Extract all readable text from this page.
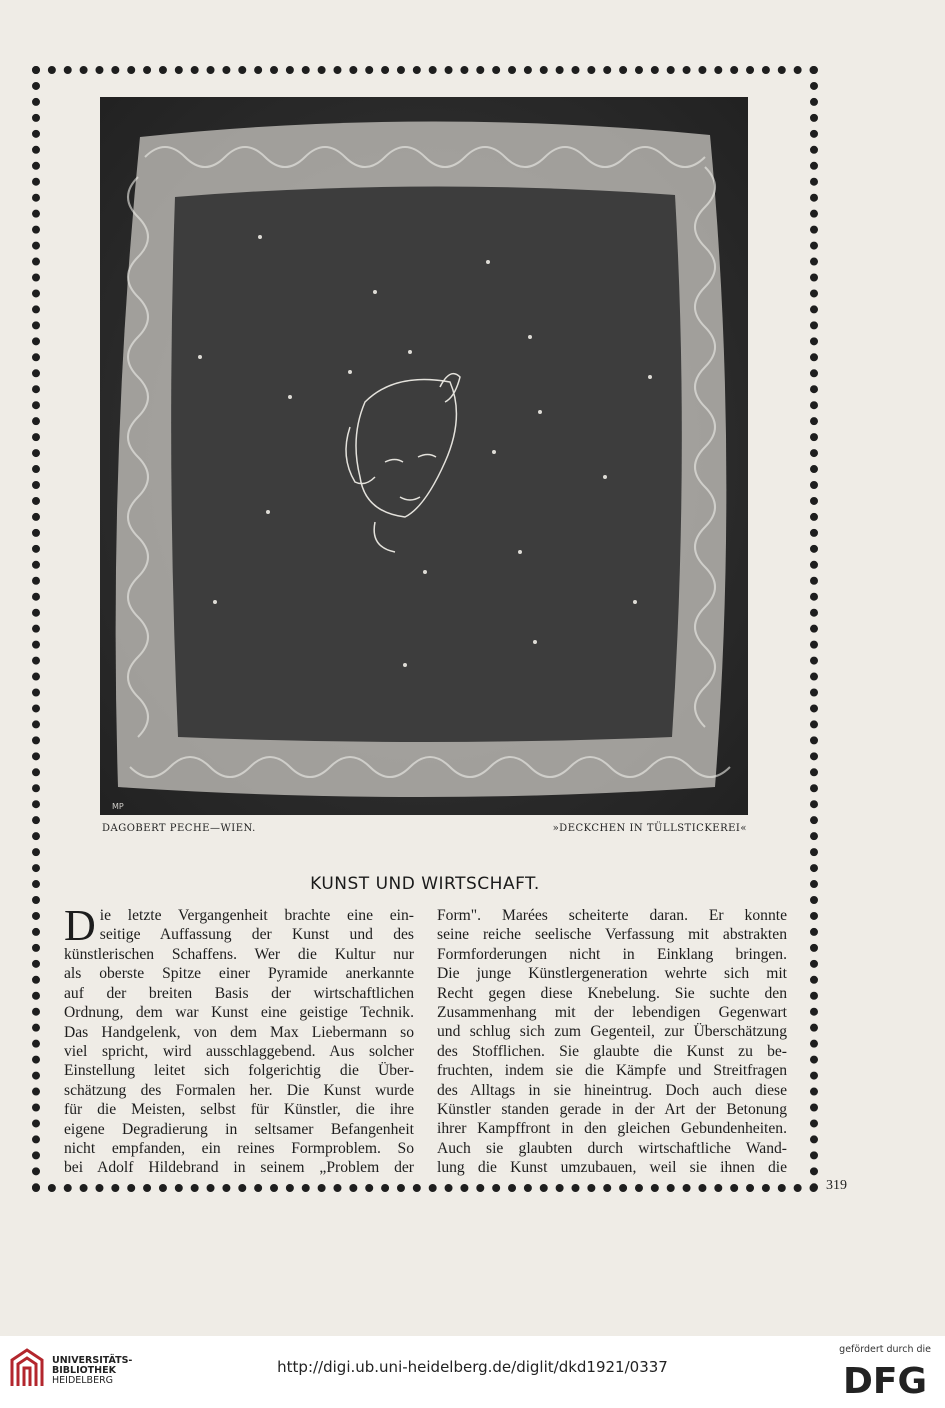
MP
DAGOBERT PECHE—WIEN.	»DECKCHEN IN TÜLLSTICKEREI«
KUNST UND WIRTSCHAFT.
D ie letzte Vergangenheit brachte eine ein-
seitige Auffassung der Kunst und des
künstlerischen Schaffens. Wer die Kultur nur
als oberste Spitze einer Pyramide anerkannte
auf der breiten Basis der wirtschaftlichen
Ordnung, dem war Kunst eine geistige Technik.
Das Handgelenk, von dem Max Liebermann so
viel spricht, wird ausschlaggebend. Aus solcher
Einstellung leitet sich folgerichtig die Über-
schätzung des Formalen her. Die Kunst wurde
für die Meisten, selbst für Künstler, die ihre
eigene Degradierung in seltsamer Befangenheit
nicht empfanden, ein reines Formproblem. So
bei Adolf Hildebrand in seinem „Problem der
Form". Marées scheiterte daran. Er konnte
seine reiche seelische Verfassung mit abstrakten
Formforderungen nicht in Einklang bringen.
Die junge Künstlergeneration wehrte sich mit
Recht gegen diese Knebelung. Sie suchte den
Zusammenhang mit der lebendigen Gegenwart
und schlug sich zum Gegenteil, zur Überschätzung
des Stofflichen. Sie glaubte die Kunst zu be-
fruchten, indem sie die Kämpfe und Streitfragen
des Alltags in sie hineintrug. Doch auch diese
Künstler standen gerade in der Art der Betonung
ihrer Kampffront in den gleichen Gebundenheiten.
Auch sie glaubten durch wirtschaftliche Wand-
lung die Kunst umzubauen, weil sie ihnen die
319
UNIVERSITÄTS-
BIBLIOTHEK
HEIDELBERG
http://digi.ub.uni-heidelberg.de/diglit/dkd1921/0337
gefördert durch die
DFG
